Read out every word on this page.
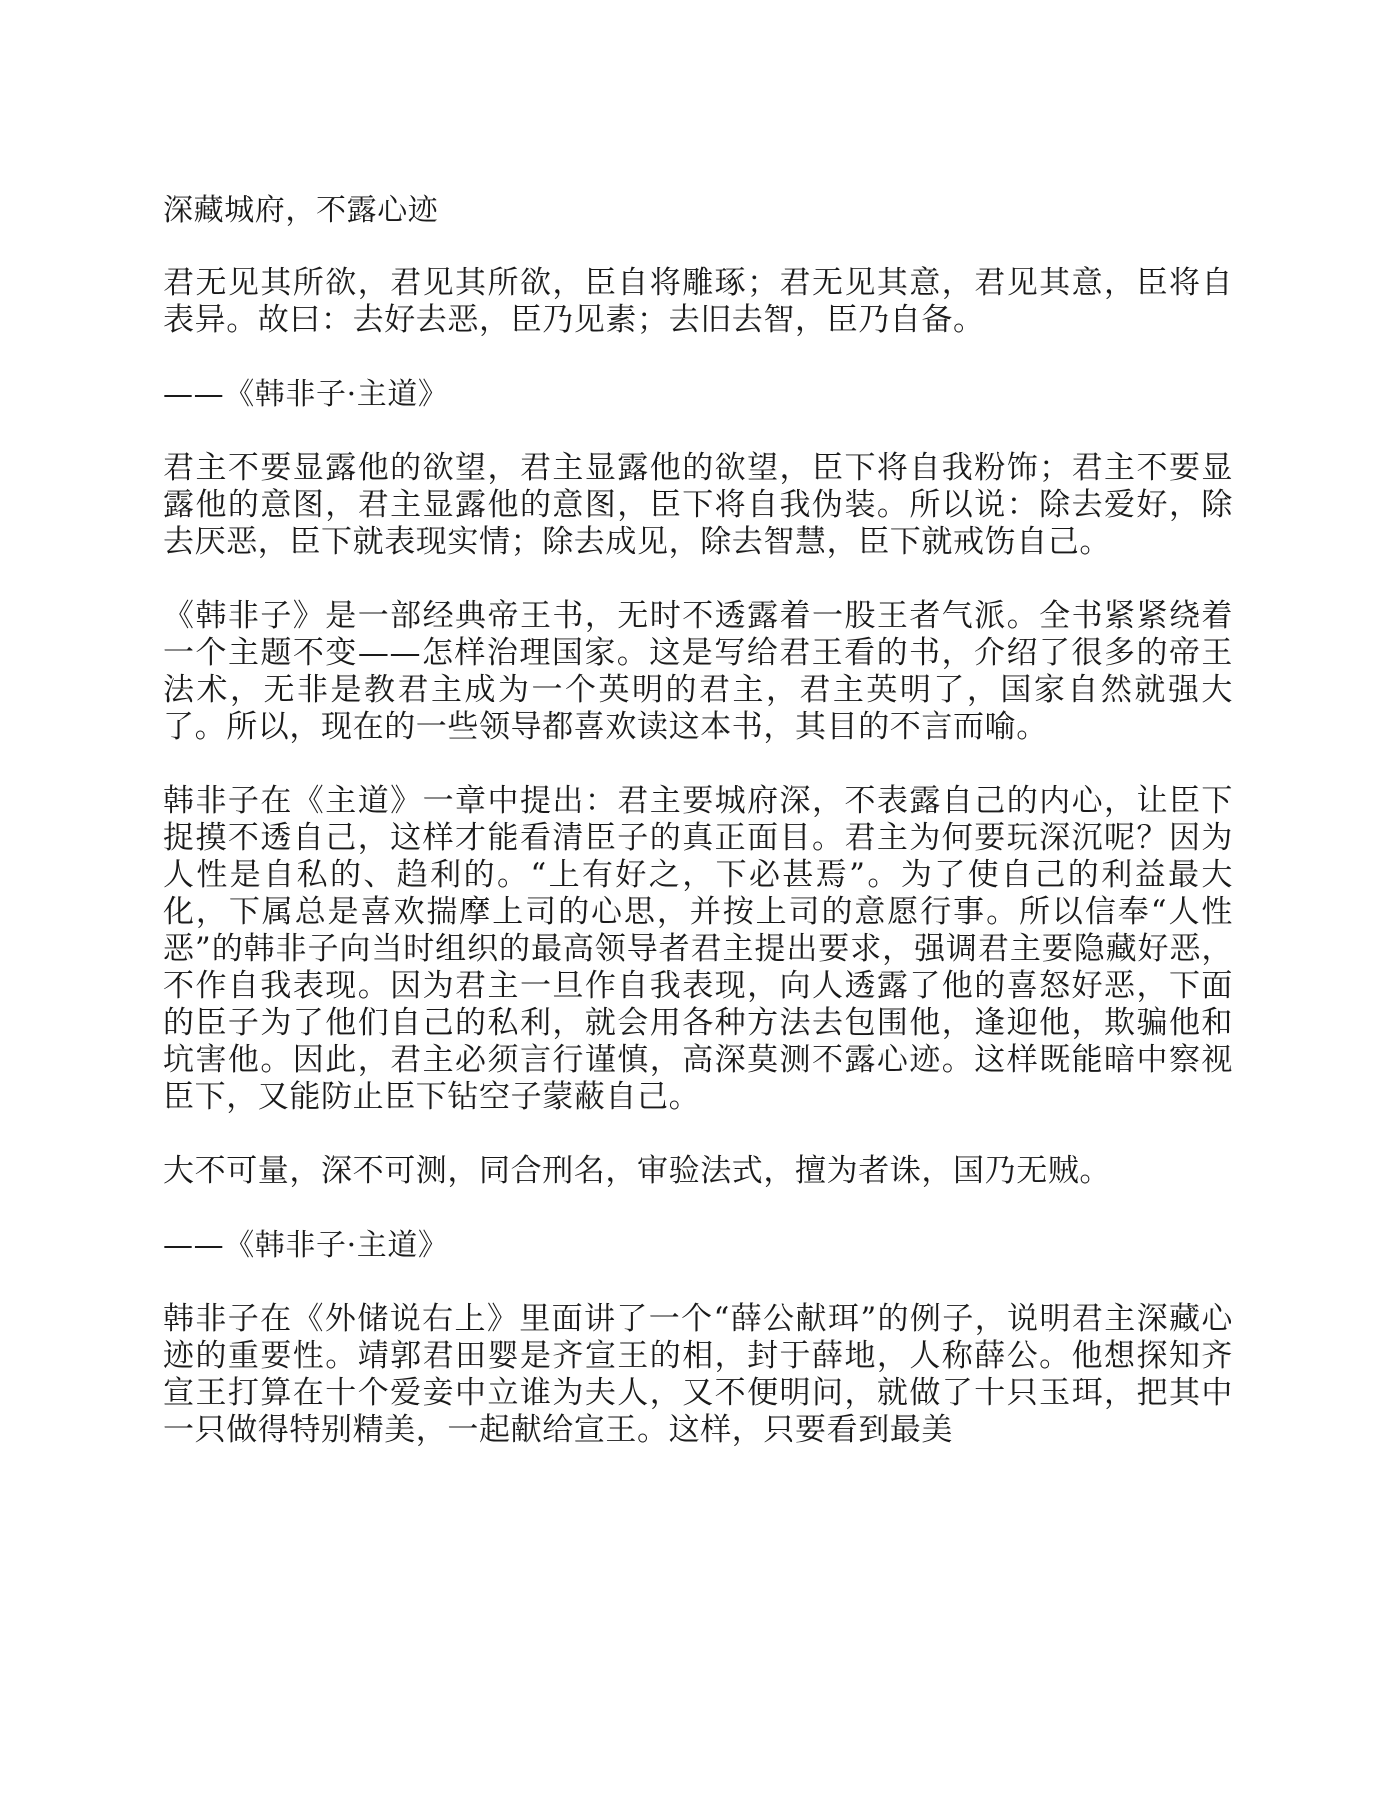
深藏城府，不露心迹

君无见其所欲，君见其所欲，臣自将雕琢；君无见其意，君见其意，臣将自表异。故曰：去好去恶，臣乃见素；去旧去智，臣乃自备。

——《韩非子·主道》

君主不要显露他的欲望，君主显露他的欲望，臣下将自我粉饰；君主不要显露他的意图，君主显露他的意图，臣下将自我伪装。所以说：除去爱好，除去厌恶，臣下就表现实情；除去成见，除去智慧，臣下就戒饬自己。

《韩非子》是一部经典帝王书，无时不透露着一股王者气派。全书紧紧绕着一个主题不变——怎样治理国家。这是写给君王看的书，介绍了很多的帝王法术，无非是教君主成为一个英明的君主，君主英明了，国家自然就强大了。所以，现在的一些领导都喜欢读这本书，其目的不言而喻。

韩非子在《主道》一章中提出：君主要城府深，不表露自己的内心，让臣下捉摸不透自己，这样才能看清臣子的真正面目。君主为何要玩深沉呢？因为人性是自私的、趋利的。“上有好之，下必甚焉”。为了使自己的利益最大化，下属总是喜欢揣摩上司的心思，并按上司的意愿行事。所以信奉“人性恶”的韩非子向当时组织的最高领导者君主提出要求，强调君主要隐藏好恶，不作自我表现。因为君主一旦作自我表现，向人透露了他的喜怒好恶，下面的臣子为了他们自己的私利，就会用各种方法去包围他，逢迎他，欺骗他和坑害他。因此，君主必须言行谨慎，高深莫测不露心迹。这样既能暗中察视臣下，又能防止臣下钻空子蒙蔽自己。

大不可量，深不可测，同合刑名，审验法式，擅为者诛，国乃无贼。

——《韩非子·主道》

韩非子在《外储说右上》里面讲了一个“薛公献珥”的例子，说明君主深藏心迹的重要性。靖郭君田婴是齐宣王的相，封于薛地，人称薛公。他想探知齐宣王打算在十个爱妾中立谁为夫人，又不便明问，就做了十只玉珥，把其中一只做得特别精美，一起献给宣王。这样，只要看到最美
